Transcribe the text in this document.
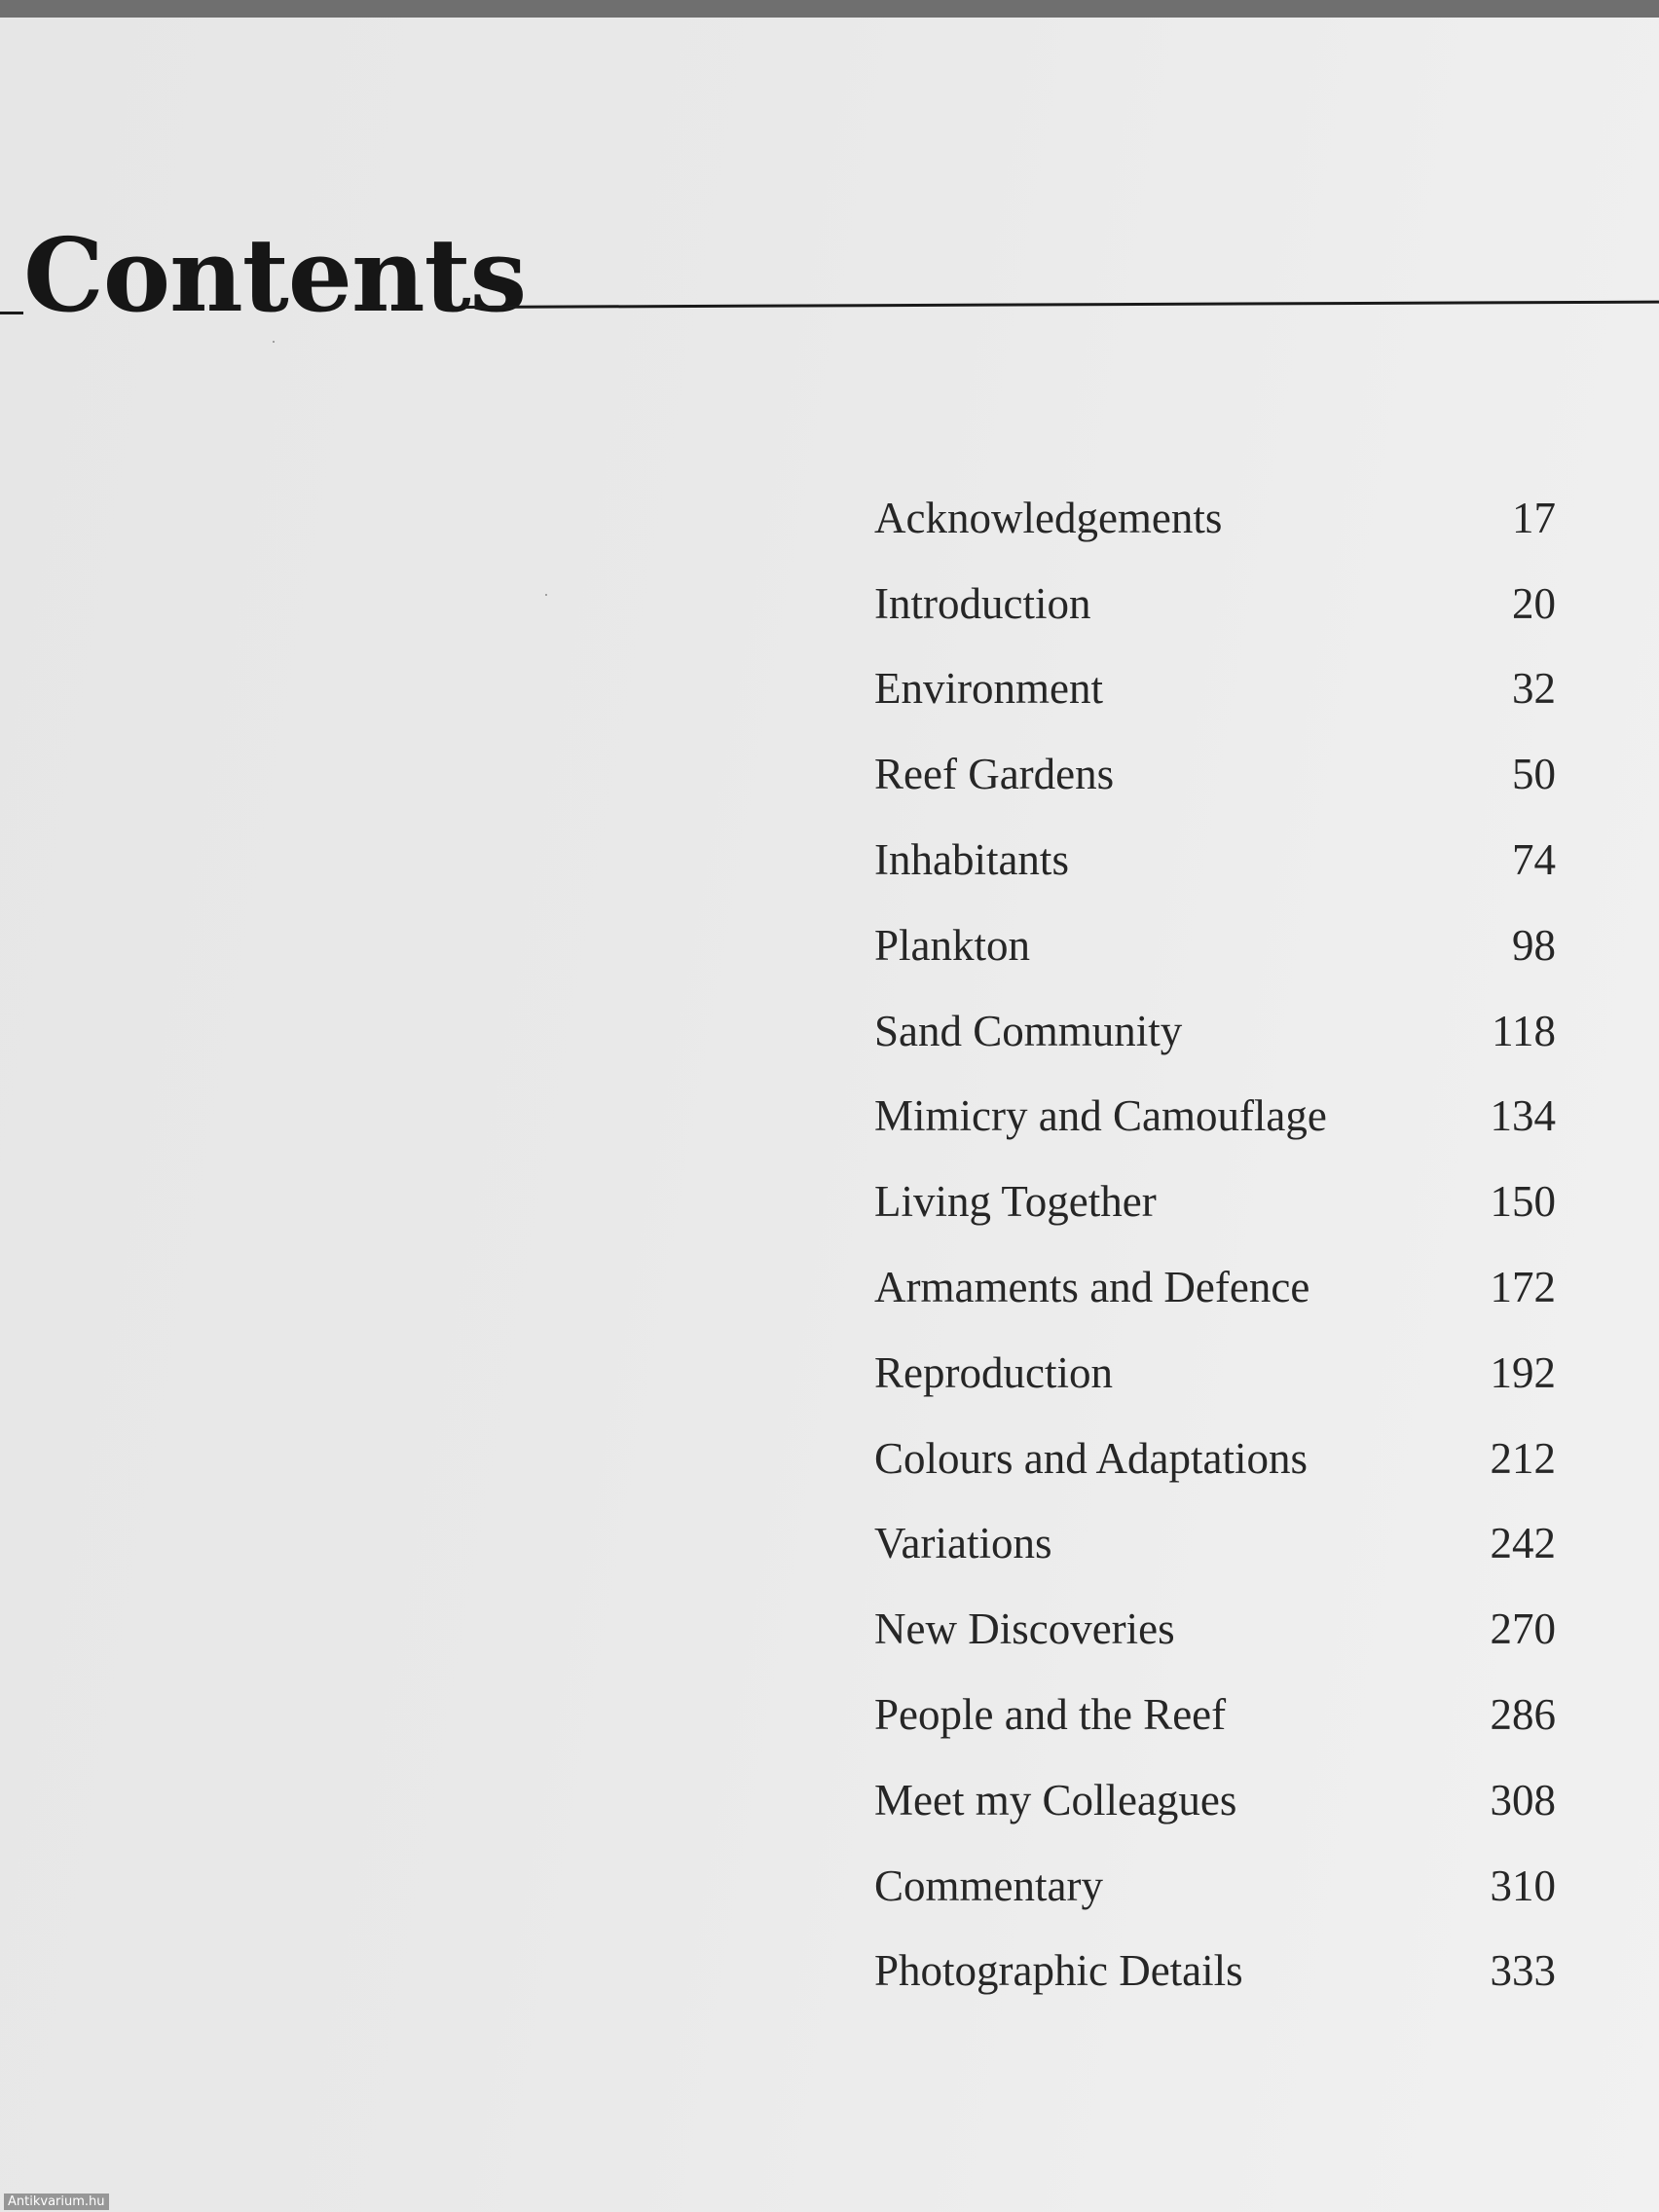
Contents
Acknowledgements	17
Introduction	20
Environment	32
Reef Gardens	50
Inhabitants	74
Plankton	98
Sand Community	118
Mimicry and Camouflage	134
Living Together	150
Armaments and Defence	172
Reproduction	192
Colours and Adaptations	212
Variations	242
New Discoveries	270
People and the Reef	286
Meet my Colleagues	308
Commentary	310
Photographic Details	333
Antikvarium.hu
